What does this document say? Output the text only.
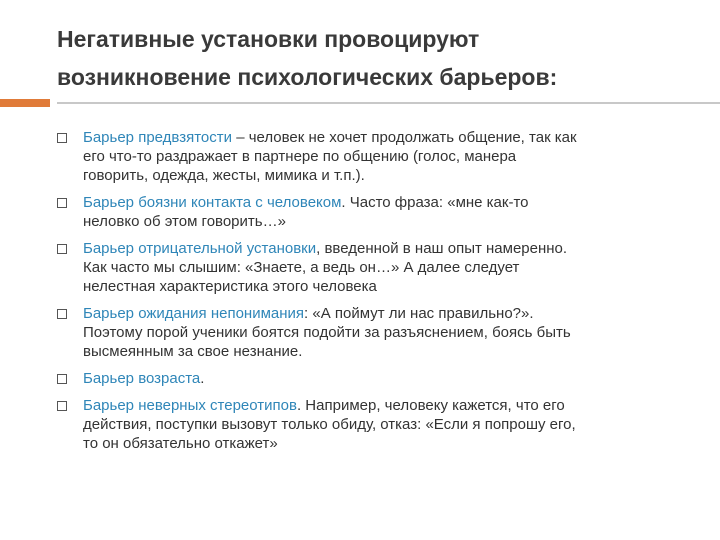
Негативные установки провоцируют
возникновение психологических барьеров:
Барьер предвзятости – человек не хочет продолжать общение, так как
его что-то раздражает в партнере по общению (голос, манера
говорить, одежда, жесты, мимика и т.п.).
Барьер боязни контакта с человеком. Часто фраза: «мне как-то
неловко об этом говорить…»
Барьер отрицательной установки, введенной в наш опыт намеренно.
Как часто мы слышим: «Знаете, а ведь он…» А далее следует
нелестная характеристика этого человека
Барьер ожидания непонимания: «А поймут ли нас правильно?».
Поэтому порой ученики боятся подойти за разъяснением, боясь быть
высмеянным за свое незнание.
Барьер возраста.
Барьер неверных стереотипов. Например, человеку кажется, что его
действия, поступки вызовут только обиду, отказ: «Если я попрошу его,
то он обязательно откажет»
